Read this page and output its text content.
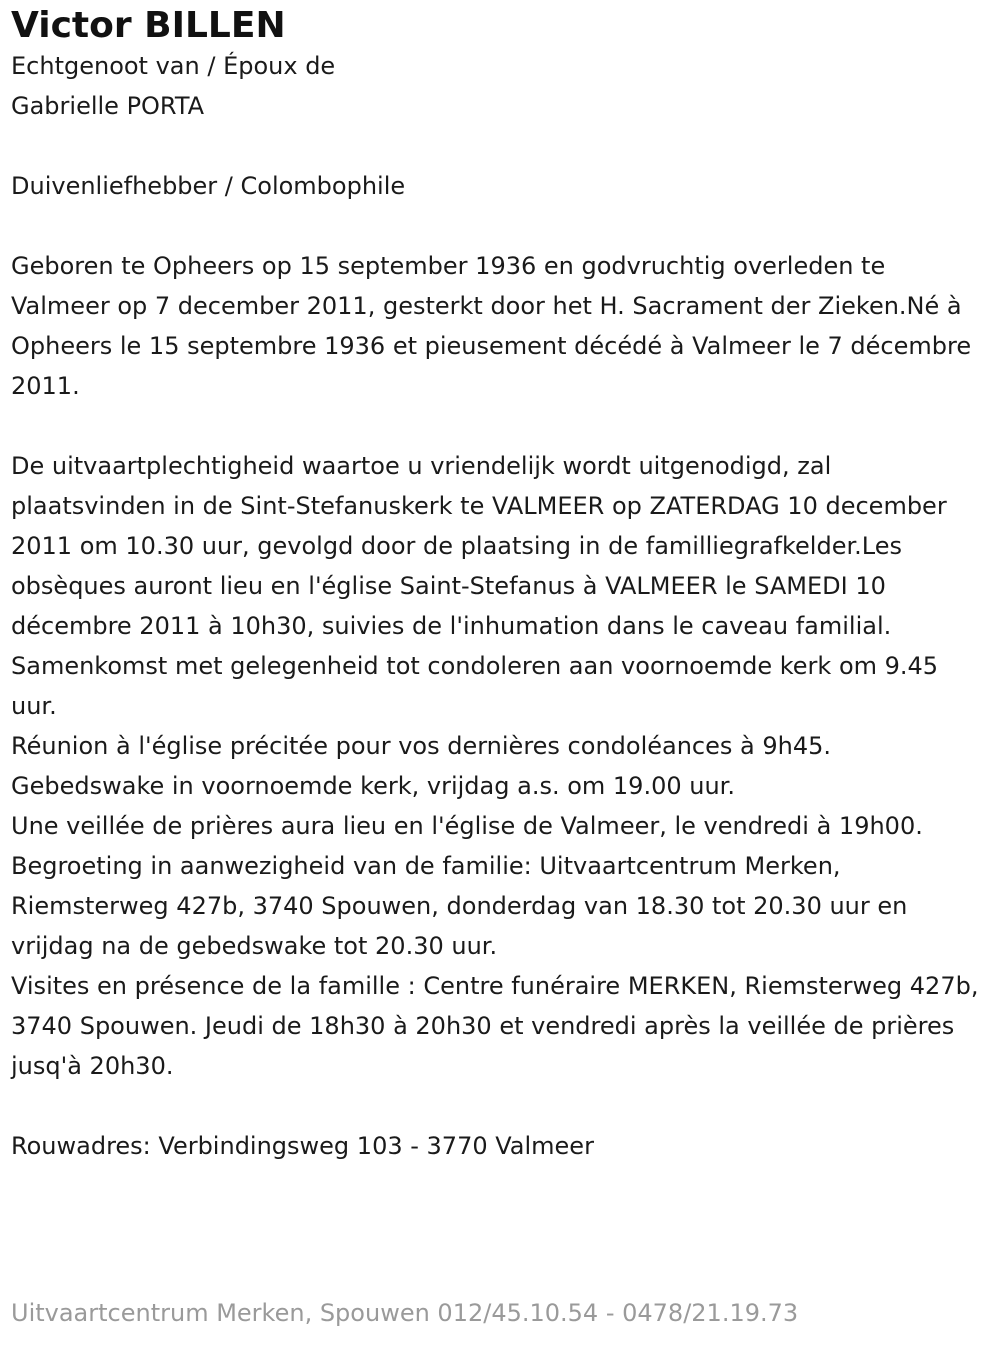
Victor BILLEN
Echtgenoot van / Époux de
Gabrielle PORTA

Duivenliefhebber / Colombophile

Geboren te Opheers op 15 september 1936 en godvruchtig overleden te Valmeer op 7 december 2011, gesterkt door het H. Sacrament der Zieken.Né à Opheers le 15 septembre 1936 et pieusement décédé à Valmeer le 7 décembre 2011.

De uitvaartplechtigheid waartoe u vriendelijk wordt uitgenodigd, zal plaatsvinden in de Sint-Stefanuskerk te VALMEER op ZATERDAG 10 december 2011 om 10.30 uur, gevolgd door de plaatsing in de familliegrafkelder.Les obsèques auront lieu en l'église Saint-Stefanus à VALMEER le SAMEDI 10 décembre 2011 à 10h30, suivies de l'inhumation dans le caveau familial.
Samenkomst met gelegenheid tot condoleren aan voornoemde kerk om 9.45 uur.
Réunion à l'église précitée pour vos dernières condoléances à 9h45.
Gebedswake in voornoemde kerk, vrijdag a.s. om 19.00 uur.
Une veillée de prières aura lieu en l'église de Valmeer, le vendredi à 19h00.
Begroeting in aanwezigheid van de familie: Uitvaartcentrum Merken, Riemsterweg 427b, 3740 Spouwen, donderdag van 18.30 tot 20.30 uur en vrijdag na de gebedswake tot 20.30 uur.
Visites en présence de la famille : Centre funéraire MERKEN, Riemsterweg 427b, 3740 Spouwen. Jeudi de 18h30 à 20h30 et vendredi après la veillée de prières jusq'à 20h30.

Rouwadres: Verbindingsweg 103 - 3770 Valmeer

Uitvaartcentrum Merken, Spouwen 012/45.10.54 - 0478/21.19.73
